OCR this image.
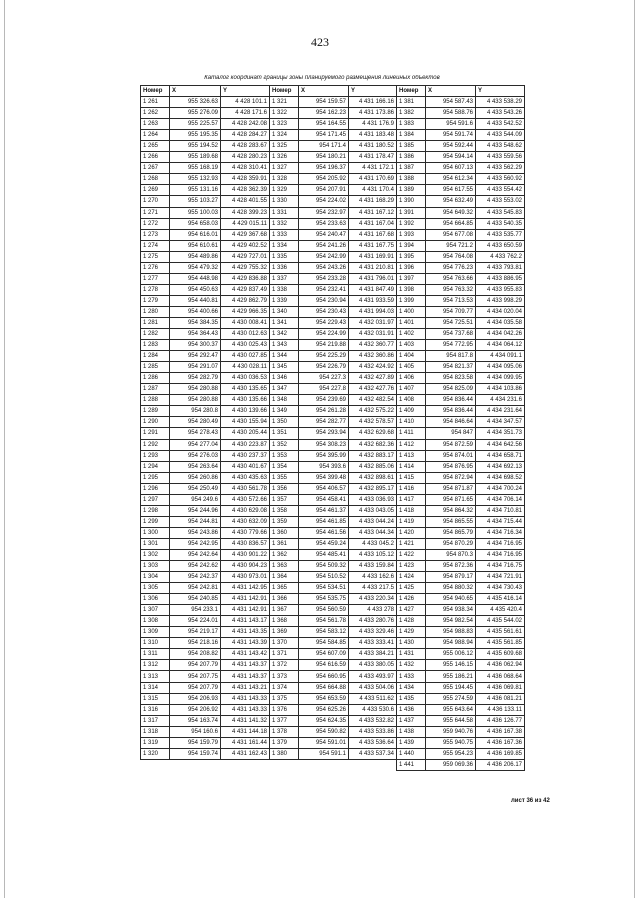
423
Каталог координат границы зоны планируемого размещения линейных объектов
Номер	X	Y	Номер	X	Y	Номер	X	Y
1 261	955 326.63	4 428 101.1	1 321	954 159.57	4 431 166.16	1 381	954 587.43	4 433 538.29
1 262	955 276.09	4 428 171.6	1 322	954 162.23	4 431 173.86	1 382	954 588.76	4 433 543.26
1 263	955 225.57	4 428 242.08	1 323	954 164.55	4 431 176.9	1 383	954 591.6	4 433 542.52
1 264	955 195.35	4 428 284.27	1 324	954 171.45	4 431 183.48	1 384	954 591.74	4 433 544.09
1 265	955 194.52	4 428 283.67	1 325	954 171.4	4 431 180.52	1 385	954 592.44	4 433 548.62
1 266	955 189.68	4 428 280.23	1 326	954 180.21	4 431 178.47	1 386	954 594.14	4 433 559.56
1 267	955 168.19	4 428 310.41	1 327	954 196.37	4 431 172.1	1 387	954 607.13	4 433 562.29
1 268	955 132.93	4 428 359.91	1 328	954 205.92	4 431 170.69	1 388	954 612.34	4 433 560.92
1 269	955 131.16	4 428 362.39	1 329	954 207.91	4 431 170.4	1 389	954 617.55	4 433 554.42
1 270	955 103.27	4 428 401.55	1 330	954 224.02	4 431 168.29	1 390	954 632.49	4 433 553.02
1 271	955 100.03	4 428 399.23	1 331	954 232.97	4 431 167.12	1 391	954 649.32	4 433 545.83
1 272	954 658.03	4 429 015.11	1 332	954 233.63	4 431 167.04	1 392	954 664.85	4 433 540.35
1 273	954 616.01	4 429 367.68	1 333	954 240.47	4 431 167.68	1 393	954 677.08	4 433 535.77
1 274	954 610.61	4 429 402.52	1 334	954 241.26	4 431 167.75	1 394	954 721.2	4 433 650.59
1 275	954 489.86	4 429 727.01	1 335	954 242.99	4 431 169.91	1 395	954 764.08	4 433 762.2
1 276	954 479.32	4 429 755.32	1 336	954 243.26	4 431 210.81	1 396	954 776.23	4 433 793.81
1 277	954 448.98	4 429 836.88	1 337	954 233.28	4 431 796.01	1 397	954 763.66	4 433 886.95
1 278	954 450.63	4 429 837.49	1 338	954 232.41	4 431 847.49	1 398	954 763.32	4 433 955.83
1 279	954 440.81	4 429 862.79	1 339	954 230.94	4 431 933.59	1 399	954 713.53	4 433 998.29
1 280	954 400.66	4 429 966.35	1 340	954 230.43	4 431 994.03	1 400	954 709.77	4 434 020.04
1 281	954 384.35	4 430 008.41	1 341	954 229.43	4 432 031.97	1 401	954 725.51	4 434 035.58
1 282	954 364.43	4 430 012.63	1 342	954 224.99	4 432 031.91	1 402	954 737.68	4 434 042.26
1 283	954 300.37	4 430 025.43	1 343	954 219.88	4 432 360.77	1 403	954 772.95	4 434 064.12
1 284	954 292.47	4 430 027.85	1 344	954 225.29	4 432 360.86	1 404	954 817.8	4 434 091.1
1 285	954 291.07	4 430 028.11	1 345	954 226.79	4 432 424.92	1 405	954 821.37	4 434 095.06
1 286	954 282.79	4 430 036.53	1 346	954 227.3	4 432 427.89	1 406	954 823.58	4 434 099.95
1 287	954 280.88	4 430 135.65	1 347	954 227.8	4 432 427.76	1 407	954 825.09	4 434 103.86
1 288	954 280.88	4 430 135.66	1 348	954 239.69	4 432 482.54	1 408	954 836.44	4 434 231.6
1 289	954 280.8	4 430 139.66	1 349	954 261.28	4 432 575.22	1 409	954 836.44	4 434 231.64
1 290	954 280.49	4 430 155.94	1 350	954 282.77	4 432 578.57	1 410	954 846.64	4 434 347.57
1 291	954 278.43	4 430 205.44	1 351	954 293.94	4 432 629.68	1 411	954 847	4 434 351.73
1 292	954 277.04	4 430 223.87	1 352	954 308.23	4 432 682.36	1 412	954 872.59	4 434 642.56
1 293	954 276.03	4 430 237.37	1 353	954 395.99	4 432 883.17	1 413	954 874.01	4 434 658.71
1 294	954 263.64	4 430 401.67	1 354	954 393.6	4 432 885.06	1 414	954 876.95	4 434 692.13
1 295	954 260.86	4 430 435.63	1 355	954 399.48	4 432 898.61	1 415	954 872.94	4 434 698.52
1 296	954 250.49	4 430 561.78	1 356	954 406.57	4 432 895.17	1 416	954 871.87	4 434 700.24
1 297	954 249.6	4 430 572.66	1 357	954 458.41	4 433 036.93	1 417	954 871.65	4 434 706.14
1 298	954 244.96	4 430 629.08	1 358	954 461.37	4 433 043.05	1 418	954 864.32	4 434 710.81
1 299	954 244.81	4 430 632.09	1 359	954 461.85	4 433 044.24	1 419	954 865.55	4 434 715.44
1 300	954 243.86	4 430 779.66	1 360	954 461.56	4 433 044.34	1 420	954 865.79	4 434 716.34
1 301	954 242.95	4 430 836.57	1 361	954 459.24	4 433 045.2	1 421	954 870.29	4 434 716.95
1 302	954 242.64	4 430 901.22	1 362	954 485.41	4 433 105.12	1 422	954 870.3	4 434 716.95
1 303	954 242.62	4 430 904.23	1 363	954 509.32	4 433 159.84	1 423	954 872.36	4 434 716.75
1 304	954 242.37	4 430 973.01	1 364	954 510.52	4 433 162.6	1 424	954 879.17	4 434 721.91
1 305	954 242.81	4 431 142.95	1 365	954 534.51	4 433 217.5	1 425	954 880.32	4 434 730.43
1 306	954 240.85	4 431 142.91	1 366	954 535.75	4 433 220.34	1 426	954 940.65	4 435 416.14
1 307	954 233.1	4 431 142.91	1 367	954 560.59	4 433 278	1 427	954 938.34	4 435 420.4
1 308	954 224.01	4 431 143.17	1 368	954 561.78	4 433 280.76	1 428	954 982.54	4 435 544.02
1 309	954 219.17	4 431 143.35	1 369	954 583.12	4 433 329.46	1 429	954 988.83	4 435 561.61
1 310	954 218.16	4 431 143.39	1 370	954 584.85	4 433 333.41	1 430	954 988.94	4 435 561.85
1 311	954 208.82	4 431 143.42	1 371	954 607.09	4 433 384.21	1 431	955 006.12	4 435 609.68
1 312	954 207.79	4 431 143.37	1 372	954 616.59	4 433 380.05	1 432	955 146.15	4 436 062.94
1 313	954 207.75	4 431 143.37	1 373	954 660.95	4 433 493.97	1 433	955 186.21	4 436 068.64
1 314	954 207.79	4 431 143.21	1 374	954 664.88	4 433 504.06	1 434	955 194.45	4 436 069.81
1 315	954 206.93	4 431 143.33	1 375	954 653.59	4 433 511.62	1 435	955 274.59	4 436 081.21
1 316	954 206.92	4 431 143.33	1 376	954 625.26	4 433 530.6	1 436	955 643.64	4 436 133.11
1 317	954 163.74	4 431 141.32	1 377	954 624.35	4 433 532.82	1 437	955 644.58	4 436 126.77
1 318	954 160.6	4 431 144.18	1 378	954 590.82	4 433 533.86	1 438	959 940.76	4 436 167.38
1 319	954 159.79	4 431 161.44	1 379	954 591.01	4 433 536.64	1 439	955 940.75	4 436 167.36
1 320	954 159.74	4 431 162.43	1 380	954 591.1	4 433 537.34	1 440	955 954.23	4 436 169.85
						1 441	959 069.36	4 436 206.17
лист 36 из 42
